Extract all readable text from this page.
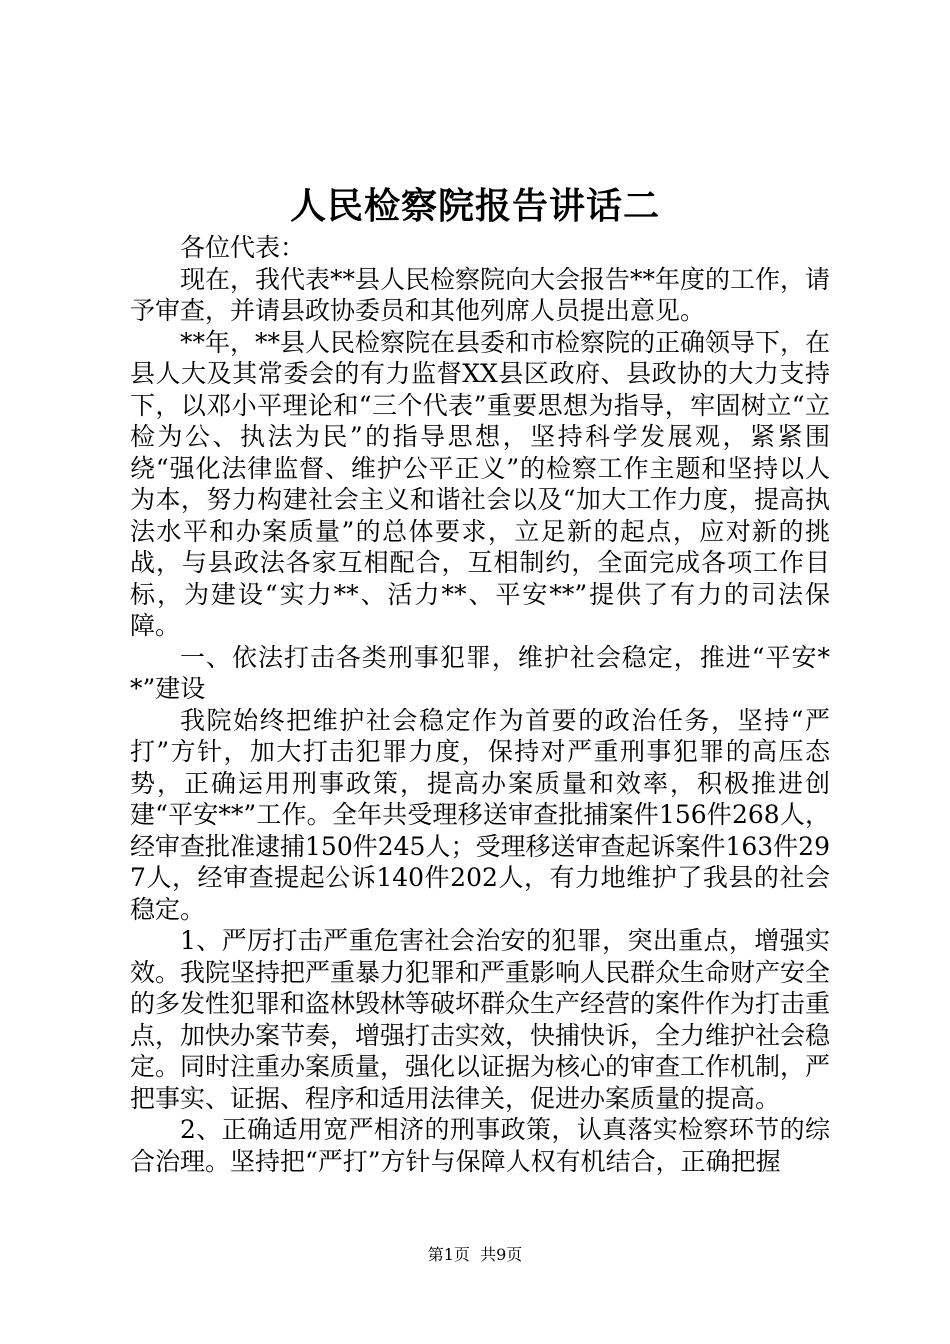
人民检察院报告讲话二

各位代表：

现在，我代表**县人民检察院向大会报告**年度的工作，请予审查，并请县政协委员和其他列席人员提出意见。

**年，**县人民检察院在县委和市检察院的正确领导下，在县人大及其常委会的有力监督XX县区政府、县政协的大力支持下，以邓小平理论和“三个代表”重要思想为指导，牢固树立“立检为公、执法为民”的指导思想，坚持科学发展观，紧紧围绕“强化法律监督、维护公平正义”的检察工作主题和坚持以人为本，努力构建社会主义和谐社会以及“加大工作力度，提高执法水平和办案质量”的总体要求，立足新的起点，应对新的挑战，与县政法各家互相配合，互相制约，全面完成各项工作目标，为建设“实力**、活力**、平安**”提供了有力的司法保障。

一、依法打击各类刑事犯罪，维护社会稳定，推进“平安**”建设

我院始终把维护社会稳定作为首要的政治任务，坚持“严打”方针，加大打击犯罪力度，保持对严重刑事犯罪的高压态势，正确运用刑事政策，提高办案质量和效率，积极推进创建“平安**”工作。全年共受理移送审查批捕案件156件268人，经审查批准逮捕150件245人；受理移送审查起诉案件163件297人，经审查提起公诉140件202人，有力地维护了我县的社会稳定。

1、严厉打击严重危害社会治安的犯罪，突出重点，增强实效。我院坚持把严重暴力犯罪和严重影响人民群众生命财产安全的多发性犯罪和盗林毁林等破坏群众生产经营的案件作为打击重点，加快办案节奏，增强打击实效，快捕快诉，全力维护社会稳定。同时注重办案质量，强化以证据为核心的审查工作机制，严把事实、证据、程序和适用法律关，促进办案质量的提高。

2、正确适用宽严相济的刑事政策，认真落实检察环节的综合治理。坚持把“严打”方针与保障人权有机结合，正确把握

第1页 共9页
